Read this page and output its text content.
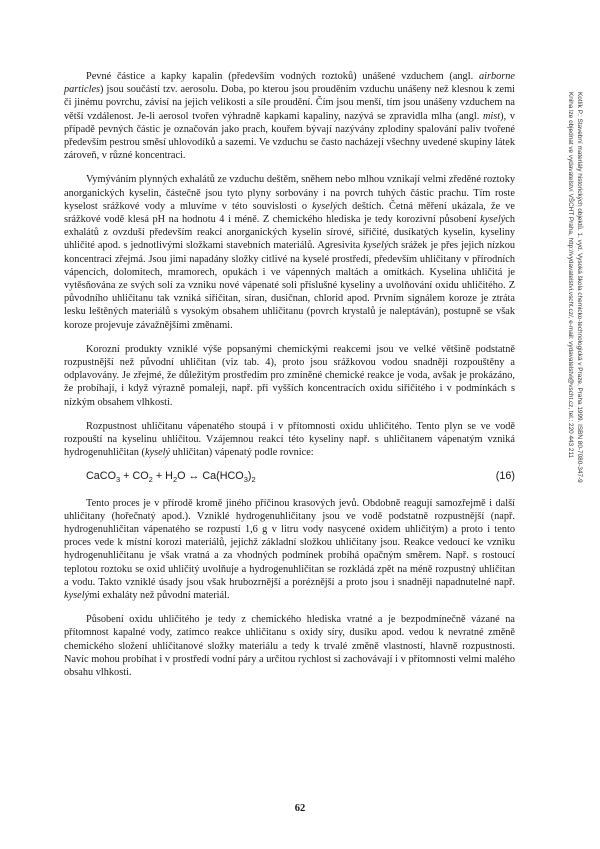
Pevné částice a kapky kapalin (především vodných roztoků) unášené vzduchem (angl. airborne particles) jsou součástí tzv. aerosolu. Doba, po kterou jsou prouděním vzduchu unášeny než klesnou k zemi či jinému povrchu, závisí na jejich velikosti a síle proudění. Čím jsou menší, tím jsou unášeny vzduchem na větší vzdálenost. Je-li aerosol tvořen výhradně kapkami kapaliny, nazývá se zpravidla mlha (angl. mist), v případě pevných částic je označován jako prach, kouřem bývají nazývány zplodiny spalování paliv tvořené především pestrou směsí uhlovodíků a sazemi. Ve vzduchu se často nacházejí všechny uvedené skupiny látek zároveň, v různé koncentraci.

Vymýváním plynných exhalátů ze vzduchu deštěm, sněhem nebo mlhou vznikají velmi zředěné roztoky anorganických kyselin, částečně jsou tyto plyny sorbovány i na povrch tuhých částic prachu. Tím roste kyselost srážkové vody a mluvíme v této souvislosti o kyselých deštích. Četná měření ukázala, že ve srážkové vodě klesá pH na hodnotu 4 i méně. Z chemického hlediska je tedy korozivní působení kyselých exhalátů z ovzduší především reakcí anorganických kyselin sírové, siřičité, dusíkatých kyselin, kyseliny uhličité apod. s jednotlivými složkami stavebních materiálů. Agresivita kyselých srážek je přes jejich nízkou koncentraci zřejmá. Jsou jimi napadány složky citlivé na kyselé prostředí, především uhličitany v přírodních vápencích, dolomitech, mramorech, opukách i ve vápenných maltách a omítkách. Kyselina uhličitá je vytěsňována ze svých solí za vzniku nové vápenaté soli příslušné kyseliny a uvolňování oxidu uhličitého. Z původního uhličitanu tak vzniká siřičitan, síran, dusičnan, chlorid apod. Prvním signálem koroze je ztráta lesku leštěných materiálů s vysokým obsahem uhličitanu (povrch krystalů je naleptáván), postupně se však koroze projevuje závažnějšími změnami.

Korozní produkty vzniklé výše popsanými chemickými reakcemi jsou ve velké většině podstatně rozpustnější než původní uhličitan (viz tab. 4), proto jsou srážkovou vodou snadněji rozpouštěny a odplavovány. Je zřejmé, že důležitým prostředím pro zmíněné chemické reakce je voda, avšak je prokázáno, že probíhají, i když výrazně pomaleji, např. při vyšších koncentracích oxidu siřičitého i v podmínkách s nízkým obsahem vlhkosti.

Rozpustnost uhličitanu vápenatého stoupá i v přítomnosti oxidu uhličitého. Tento plyn se ve vodě rozpouští na kyselinu uhličitou. Vzájemnou reakcí této kyseliny např. s uhličitanem vápenatým vzniká hydrogenuhličitan (kyselý uhličitan) vápenatý podle rovnice:

CaCO$_3$ + $CO_2 + H_2O$ ↔ $Ca(HCO_3)_2$	(16)

Tento proces je v přírodě kromě jiného příčinou krasových jevů. Obdobně reagují samozřejmě i další uhličitany (hořečnatý apod.). Vzniklé hydrogenuhličitany jsou ve vodě podstatně rozpustnější (např. hydrogenuhličitan vápenatého se rozpustí 1,6 g v litru vody nasycené oxidem uhličitým) a proto i tento proces vede k místní korozi materiálů, jejichž základní složkou uhličitany jsou. Reakce vedoucí ke vzniku hydrogenuhličitanu je však vratná a za vhodných podmínek probíhá opačným směrem. Např. s rostoucí teplotou roztoku se oxid uhličitý uvolňuje a hydrogenuhličitan se rozkládá zpět na méně rozpustný uhličitan a vodu. Takto vzniklé úsady jsou však hrubozrnější a poréznější a proto jsou i snadněji napadnutelné např. kyselými exhaláty než původní materiál.

Působení oxidu uhličitého je tedy z chemického hlediska vratné a je bezpodmínečně vázané na přítomnost kapalné vody, zatímco reakce uhličitanu s oxidy síry, dusíku apod. vedou k nevratné změně chemického složení uhličitanové složky materiálu a tedy k trvalé změně vlastností, hlavně rozpustnosti. Navíc mohou probíhat i v prostředí vodní páry a určitou rychlost si zachovávají i v přítomnosti velmi malého obsahu vlhkosti.

62
Kotlík P.: Stavební materiály historických objektů. 1. vyd. Vysoká škola chemicko-technologická v Praze, Praha 1999. ISBN 80-7080-347-9
Kniha lze objednat ve vydavatelství VŠCHT Praha, http://vydavatelstvi.vscht.cz/, e-mail: vydavatelstvi@vscht.cz, tel.: 220 443 211
